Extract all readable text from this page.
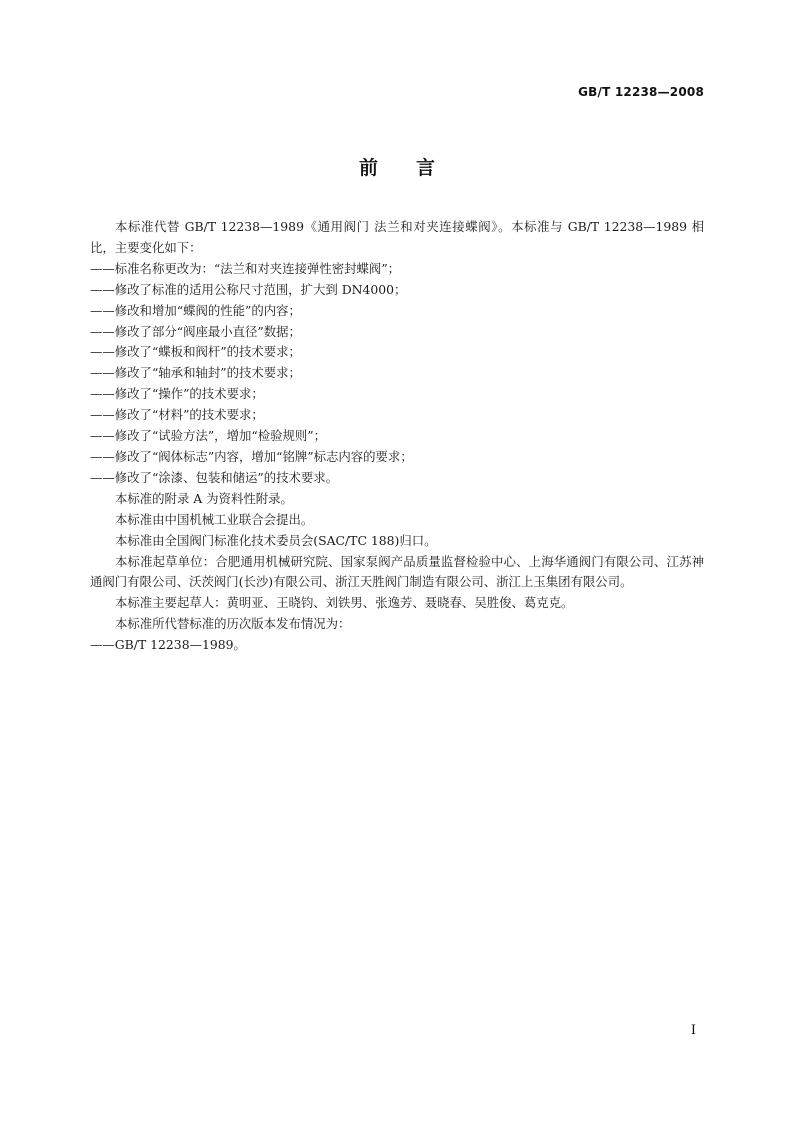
GB/T 12238—2008
前言

本标准代替 GB/T 12238—1989《通用阀门 法兰和对夹连接蝶阀》。本标准与 GB/T 12238—1989 相比，主要变化如下：

——标准名称更改为：“法兰和对夹连接弹性密封蝶阀”；

——修改了标准的适用公称尺寸范围，扩大到 DN4000；

——修改和增加“蝶阀的性能”的内容；

——修改了部分“阀座最小直径”数据；

——修改了“蝶板和阀杆”的技术要求；

——修改了“轴承和轴封”的技术要求；

——修改了“操作”的技术要求；

——修改了“材料”的技术要求；

——修改了“试验方法”，增加“检验规则”；

——修改了“阀体标志”内容，增加“铭牌”标志内容的要求；

——修改了“涂漆、包装和储运”的技术要求。

本标准的附录 A 为资料性附录。

本标准由中国机械工业联合会提出。

本标准由全国阀门标准化技术委员会(SAC/TC 188)归口。

本标准起草单位：合肥通用机械研究院、国家泵阀产品质量监督检验中心、上海华通阀门有限公司、江苏神通阀门有限公司、沃茨阀门(长沙)有限公司、浙江天胜阀门制造有限公司、浙江上玉集团有限公司。

本标准主要起草人：黄明亚、王晓钧、刘铁男、张逸芳、聂晓春、吴胜俊、葛克克。

本标准所代替标准的历次版本发布情况为：

——GB/T 12238—1989。

I
